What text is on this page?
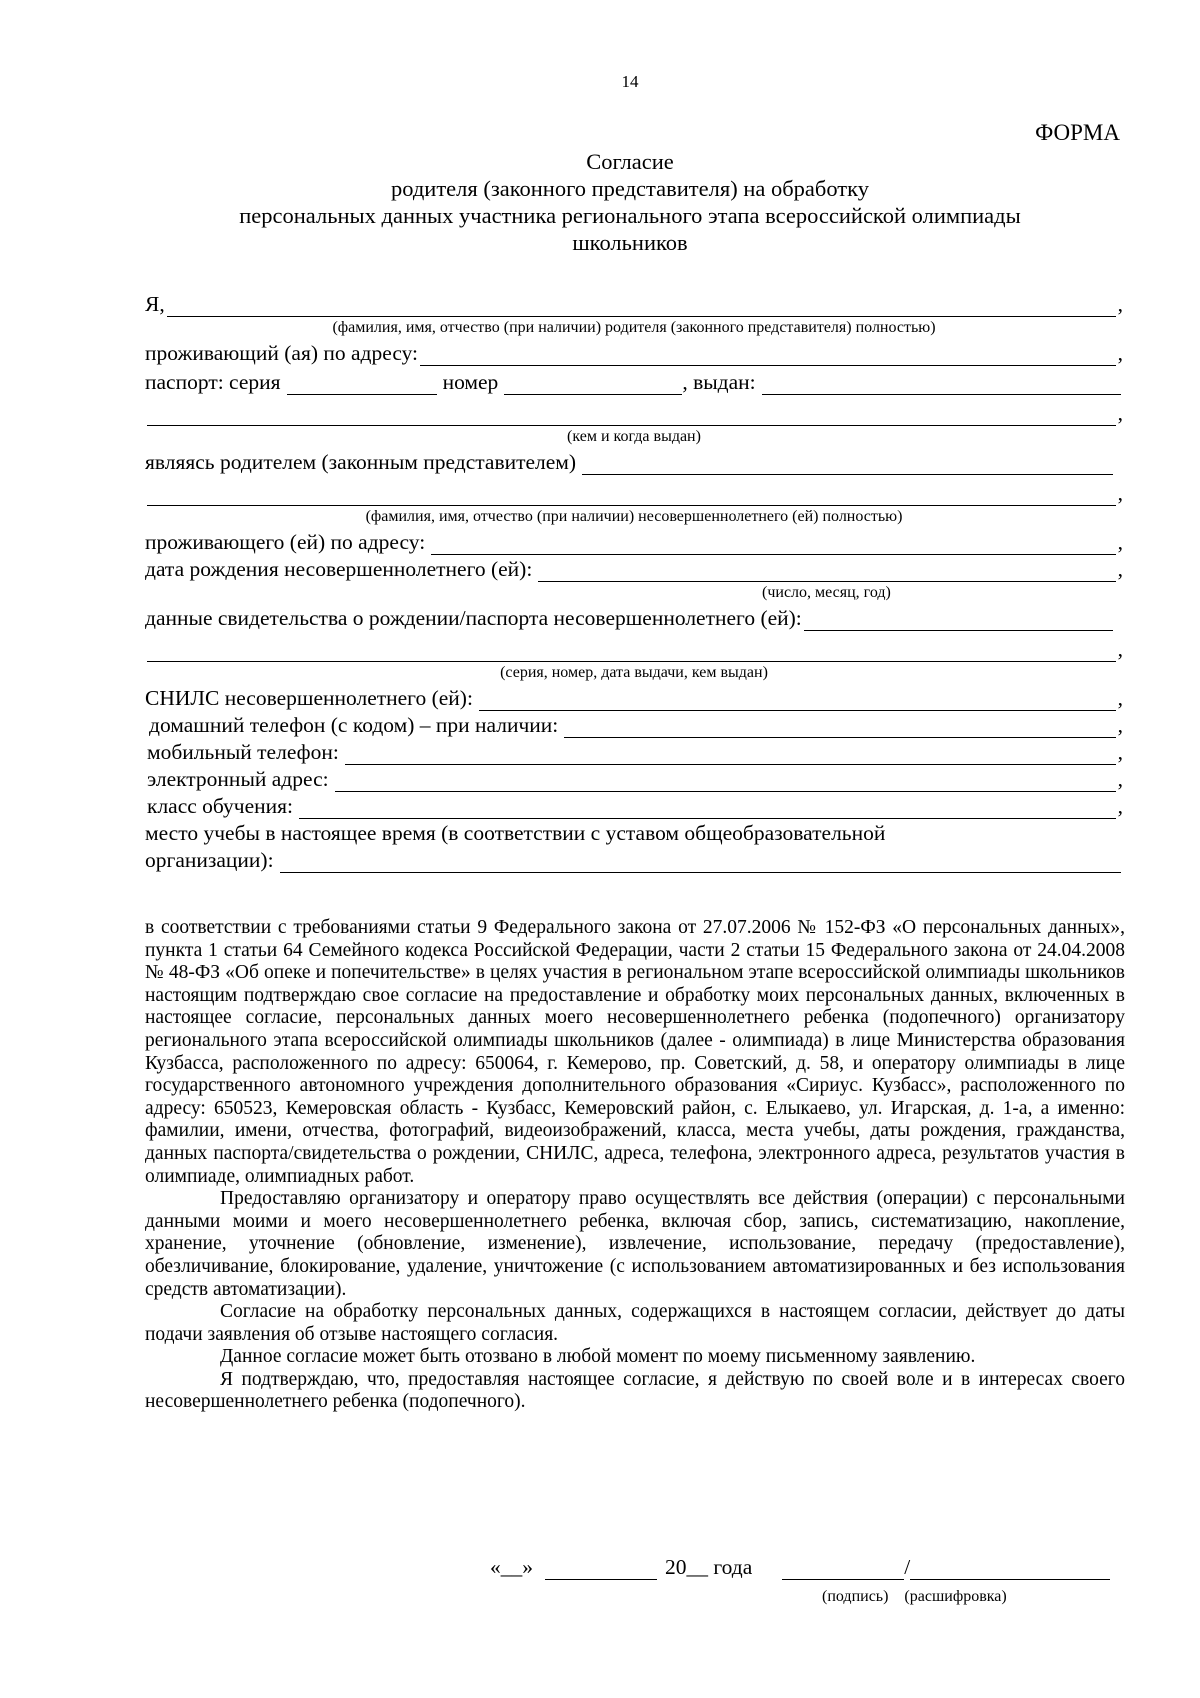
14
ФОРМА
Согласие
родителя (законного представителя) на обработку
персональных данных участника регионального этапа всероссийской олимпиады
школьников
Я,	,
(фамилия, имя, отчество (при наличии) родителя (законного представителя) полностью)
проживающий (ая) по адресу:	,
паспорт: серия	номер	, выдан:
,
(кем и когда выдан)
являясь родителем (законным представителем)
,
(фамилия, имя, отчество (при наличии) несовершеннолетнего (ей) полностью)
проживающего (ей) по адресу:	,
дата рождения несовершеннолетнего (ей):	,
(число, месяц, год)
данные свидетельства о рождении/паспорта несовершеннолетнего (ей):
,
(серия, номер, дата выдачи, кем выдан)
СНИЛС несовершеннолетнего (ей):	,
домашний телефон (с кодом) – при наличии:	,
мобильный телефон:	,
электронный адрес:	,
класс обучения:	,
место учебы в настоящее время (в соответствии с уставом общеобразовательной
организации):

в соответствии с требованиями статьи 9 Федерального закона от 27.07.2006 № 152-ФЗ «О персональных данных», пункта 1 статьи 64 Семейного кодекса Российской Федерации, части 2 статьи 15 Федерального закона от 24.04.2008 № 48-ФЗ «Об опеке и попечительстве» в целях участия в региональном этапе всероссийской олимпиады школьников настоящим подтверждаю свое согласие на предоставление и обработку моих персональных данных, включенных в настоящее согласие, персональных данных моего несовершеннолетнего ребенка (подопечного) организатору регионального этапа всероссийской олимпиады школьников (далее - олимпиада) в лице Министерства образования Кузбасса, расположенного по адресу: 650064, г. Кемерово, пр. Советский, д. 58, и оператору олимпиады в лице государственного автономного учреждения дополнительного образования «Сириус. Кузбасс», расположенного по адресу: 650523, Кемеровская область - Кузбасс, Кемеровский район, с. Елыкаево, ул. Игарская, д. 1-а, а именно: фамилии, имени, отчества, фотографий, видеоизображений, класса, места учебы, даты рождения, гражданства, данных паспорта/свидетельства о рождении, СНИЛС, адреса, телефона, электронного адреса, результатов участия в олимпиаде, олимпиадных работ.

Предоставляю организатору и оператору право осуществлять все действия (операции) с персональными данными моими и моего несовершеннолетнего ребенка, включая сбор, запись, систематизацию, накопление, хранение, уточнение (обновление, изменение), извлечение, использование, передачу (предоставление), обезличивание, блокирование, удаление, уничтожение (с использованием автоматизированных и без использования средств автоматизации).

Согласие на обработку персональных данных, содержащихся в настоящем согласии, действует до даты подачи заявления об отзыве настоящего согласия.

Данное согласие может быть отозвано в любой момент по моему письменному заявлению.

Я подтверждаю, что, предоставляя настоящее согласие, я действую по своей воле и в интересах своего несовершеннолетнего ребенка (подопечного).

«__»	20__ года	/
(подпись) (расшифровка)
